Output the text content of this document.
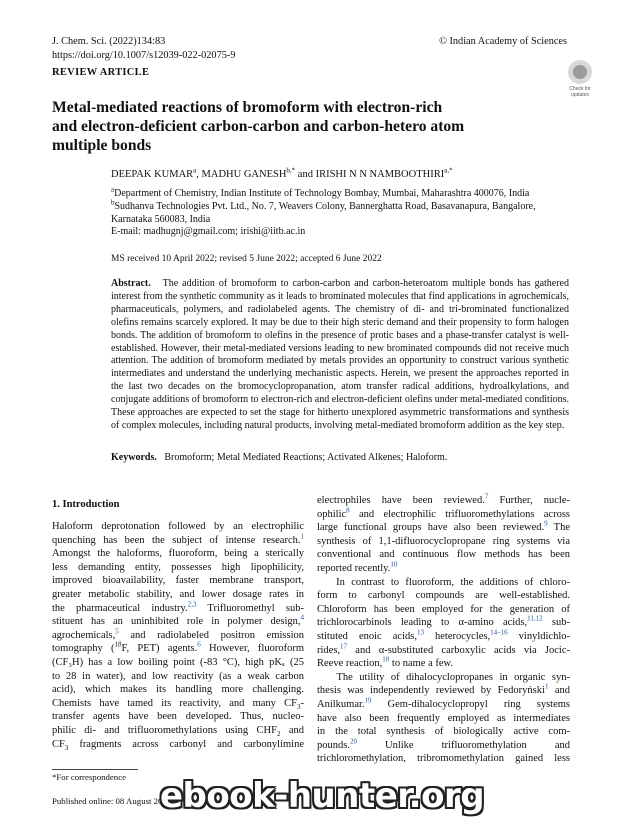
J. Chem. Sci. (2022)134:83
https://doi.org/10.1007/s12039-022-02075-9
© Indian Academy of Sciences
REVIEW ARTICLE
Check for updates
Metal-mediated reactions of bromoform with electron-rich
and electron-deficient carbon-carbon and carbon-hetero atom
multiple bonds
DEEPAK KUMAR$^a$, MADHU $GANESH^{b,*}$ and IRISHI N N $NAMBOOTHIRI^{a,*}$
$^a$Department of Chemistry, Indian Institute of Technology Bombay, Mumbai, Maharashtra 400076, India
$^b$Sudhanva Technologies Pvt. Ltd., No. 7, Weavers Colony, Bannerghatta Road, Basavanapura, Bangalore,
Karnataka 560083, India
E-mail: madhugnj@gmail.com; irishi@iitb.ac.in
MS received 10 April 2022; revised 5 June 2022; accepted 6 June 2022
Abstract. The addition of bromoform to carbon-carbon and carbon-heteroatom multiple bonds has gathered interest from the synthetic community as it leads to brominated molecules that find applications in agrochemicals, pharmaceuticals, polymers, and radiolabeled agents. The chemistry of di- and tri-brominated functionalized olefins remains scarcely explored. It may be due to their high steric demand and their propensity to form halogen bonds. The addition of bromoform to olefins in the presence of protic bases and a phase-transfer catalyst is well-established. However, their metal-mediated versions leading to new brominated compounds did not receive much attention. The addition of bromoform mediated by metals provides an opportunity to construct various synthetic intermediates and understand the underlying mechanistic aspects. Herein, we present the approaches reported in the last two decades on the bromocyclopropanation, atom transfer radical additions, hydroalkylations, and conjugate additions of bromoform to electron-rich and electron-deficient olefins under metal-mediated conditions. These approaches are expected to set the stage for hitherto unexplored asymmetric transformations and synthesis of complex molecules, including natural products, involving metal-mediated bromoform addition as the key step.
Keywords. Bromoform; Metal Mediated Reactions; Activated Alkenes; Haloform.
1. Introduction
Haloform deprotonation followed by an electrophilic
quenching has been the subject of intense research.$^1$
Amongst the haloforms, fluoroform, being a sterically
less demanding entity, possesses high lipophilicity,
improved bioavailability, faster membrane transport,
greater metabolic stability, and lower dosage rates in
the pharmaceutical industry.$^{2,3}$ Trifluoromethyl sub-
stituent has an uninhibited role in polymer design,$^4$
agrochemicals,$^5$ and radiolabeled positron emission
tomography ($^{18}$F, PET) agents.$^6$ However, fluoroform
(CF₃H) has a low boiling point (-83 °C), high pKₐ (25
to 28 in water), and low reactivity (as a weak carbon
acid), which makes its handling more challenging.
Chemists have tamed its reactivity, and many $CF_3-$
transfer agents have been developed. Thus, nucleo-
philic di- and trifluoromethylations using $CHF_2$ and
$CF_3$ fragments across carbonyl and carbonylimine
electrophiles have been reviewed.$^7$ Further, nucle-
ophilic$^8$ and electrophilic trifluoromethylations across
large functional groups have also been reviewed.$^9$ The
synthesis of 1,1-difluorocyclopropane ring systems via
conventional and continuous flow methods has been
reported recently.$^{10}$
In contrast to fluoroform, the additions of chloro-
form to carbonyl compounds are well-established.
Chloroform has been employed for the generation of
trichlorocarbinols leading to α-amino acids,$^{11,12}$ sub-
stituted enoic acids,$^{13}$ heterocycles,$^{14-16}$ vinyldichlo-
rides,$^{17}$ and α-substituted carboxylic acids via Jocic-
Reeve reaction,$^{18}$ to name a few.
The utility of dihalocyclopropanes in organic syn-
thesis was independently reviewed by Fedoryński$^1$ and
Anilkumar.$^{19}$ Gem-dihalocyclopropyl ring systems
have also been frequently employed as intermediates
in the total synthesis of biologically active com-
pounds.$^{20}$      Unlike      trifluoromethylation      and
trichloromethylation, tribromomethylation gained less
*For correspondence
Published online: 08 August 2022
ebook-hunter.org
